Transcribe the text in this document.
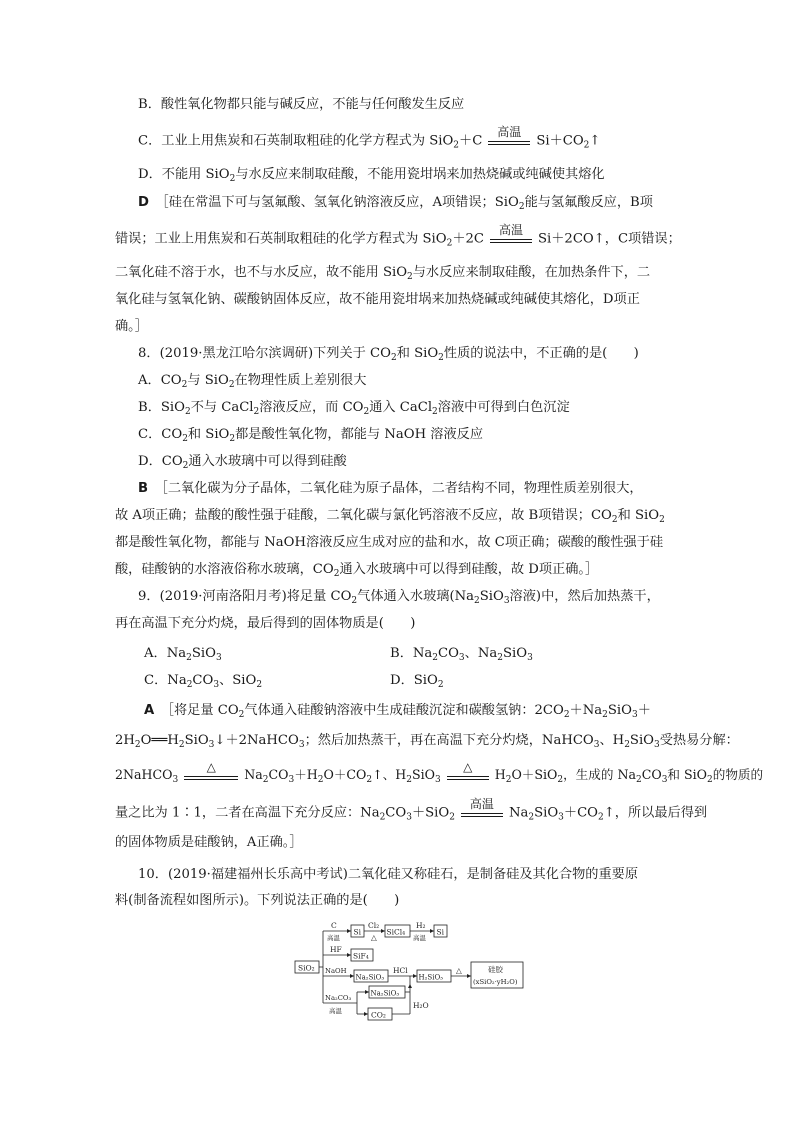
B．酸性氧化物都只能与碱反应，不能与任何酸发生反应
C．工业上用焦炭和石英制取粗硅的化学方程式为 SiO$_2$＋C
高温
$Si+CO_2↑$
D．不能用 SiO$_2$与水反应来制取硅酸，不能用瓷坩埚来加热烧碱或纯碱使其熔化
D　 ［硅在常温下可与氢氟酸、氢氧化钠溶液反应，A项错误；SiO$_2$能与氢氟酸反应，B项
错误；工业上用焦炭和石英制取粗硅的化学方程式为 SiO$_2$＋2C
高温
Si＋2CO↑，C项错误；
二氧化硅不溶于水，也不与水反应，故不能用 SiO$_2$与水反应来制取硅酸，在加热条件下，二
氧化硅与氢氧化钠、碳酸钠固体反应，故不能用瓷坩埚来加热烧碱或纯碱使其熔化，D项正
确。］
8．(2019·黑龙江哈尔滨调研)下列关于 $CO_2$和 SiO$_2$性质的说法中，不正确的是(　　)
A．$CO_2$与 SiO$_2$在物理性质上差别很大
B．SiO$_2$不与 CaCl$_2$溶液反应，而 $CO_2$通入 CaCl$_2$溶液中可得到白色沉淀
C．$CO_2$和 SiO$_2$都是酸性氧化物，都能与 NaOH 溶液反应
D．$CO_2$通入水玻璃中可以得到硅酸
B　 ［二氧化碳为分子晶体，二氧化硅为原子晶体，二者结构不同，物理性质差别很大，
故 A项正确；盐酸的酸性强于硅酸，二氧化碳与氯化钙溶液不反应，故 B项错误；$CO_2$和 SiO$_2$
都是酸性氧化物，都能与 NaOH溶液反应生成对应的盐和水，故 C项正确；碳酸的酸性强于硅
酸，硅酸钠的水溶液俗称水玻璃，$CO_2$通入水玻璃中可以得到硅酸，故 D项正确。］
9．(2019·河南洛阳月考)将足量 $CO_2$气体通入水玻璃($Na_2SiO_3$溶液)中，然后加热蒸干，
再在高温下充分灼烧，最后得到的固体物质是(　　)
A．$Na_2SiO_3$	B．$Na_2CO_3$、$Na_2SiO_3$
C．$Na_2CO_3$、SiO$_2$	D．SiO$_2$
A　 ［将足量 $CO_2$气体通入硅酸钠溶液中生成硅酸沉淀和碳酸氢钠：$2CO_2+Na_2SiO_3+$
$2H_2O══H_2SiO_3↓+2NaHCO_3$；然后加热蒸干，再在高温下充分灼烧，NaHCO$_3$、$H_2SiO_3$受热易分解：
2NaHCO$_3$
△
$Na_2CO_3+H_2O+CO_2↑$、$H_2SiO_3$
△
$H_2O+SiO_2$，生成的 $Na_2CO_3$和 SiO$_2$的物质的
量之比为 1∶1，二者在高温下充分反应：$Na_2CO_3+SiO_2$
高温
$Na_2SiO_3+CO_2↑$，所以最后得到
的固体物质是硅酸钠，A正确。］
10．(2019·福建福州长乐高中考试)二氧化硅又称硅石，是制备硅及其化合物的重要原
料(制备流程如图所示)。下列说法正确的是(　　)
SiO₂
C
高温
Si
Cl₂
△
SiCl₄
H₂
高温
Si
HF
SiF₄
NaOH
Na₂SiO₃
HCl
H₂SiO₃
△	硅胶
(xSiO₂·yH₂O)
Na₂CO₃
高温
Na₂SiO₃
H₂O
CO₂
